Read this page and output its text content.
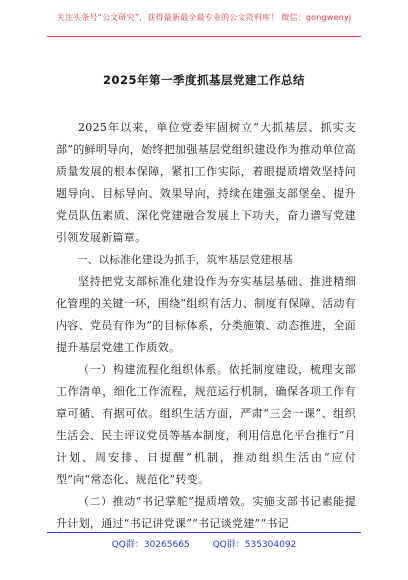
关注头条号“公文研究”，获得最新最全最专业的公文资料库！ 微信：gongwenyj
2025年第一季度抓基层党建工作总结

2025年以来，单位党委牢固树立“大抓基层、抓实支部”的鲜明导向，始终把加强基层党组织建设作为推动单位高质量发展的根本保障，紧扣工作实际，着眼提质增效坚持问题导向、目标导向、效果导向，持续在建强支部堡垒、提升党员队伍素质、深化党建融合发展上下功夫，奋力谱写党建引领发展新篇章。

一、以标准化建设为抓手，筑牢基层党建根基

坚持把党支部标准化建设作为夯实基层基础、推进精细化管理的关键一环，围绕“组织有活力、制度有保障、活动有内容、党员有作为”的目标体系，分类施策、动态推进，全面提升基层党建工作质效。

（一）构建流程化组织体系。依托制度建设，梳理支部工作清单，细化工作流程，规范运行机制，确保各项工作有章可循、有据可依。组织生活方面，严肃“三会一课”、组织生活会、民主评议党员等基本制度，利用信息化平台推行“月计划、周安排、日提醒”机制，推动组织生活由“应付型”向“常态化、规范化”转变。

（二）推动“书记掌舵”提质增效。实施支部书记素能提升计划，通过“书记讲党课”“书记谈党建”“书记

QQ群：30265665	QQ群：535304092
